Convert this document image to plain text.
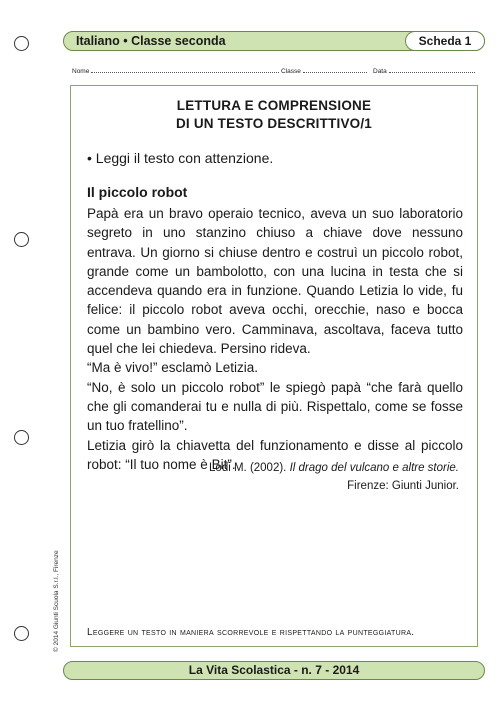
Italiano • Classe seconda	Scheda 1
Nome	Classe	Data
LETTURA E COMPRENSIONE
DI UN TESTO DESCRITTIVO/1
• Leggi il testo con attenzione.
Il piccolo robot

Papà era un bravo operaio tecnico, aveva un suo laboratorio segreto in uno stanzino chiuso a chiave dove nessuno entrava. Un giorno si chiuse dentro e costruì un piccolo robot, grande come un bambolotto, con una lucina in testa che si accendeva quando era in funzione. Quando Letizia lo vide, fu felice: il piccolo robot aveva occhi, orecchie, naso e bocca come un bambino vero. Camminava, ascoltava, faceva tutto quel che lei chiedeva. Persino rideva.

“Ma è vivo!” esclamò Letizia.

“No, è solo un piccolo robot” le spiegò papà “che farà quello che gli comanderai tu e nulla di più. Rispettalo, come se fosse un tuo fratellino”.

Letizia girò la chiavetta del funzionamento e disse al piccolo robot: “Il tuo nome è Bit”.

Lodi M. (2002). Il drago del vulcano e altre storie.
Firenze: Giunti Junior.
Leggere un testo in maniera scorrevole e rispettando la punteggiatura.
© 2014 Giunti Scuola S.r.l., Firenze
La Vita Scolastica - n. 7 - 2014
